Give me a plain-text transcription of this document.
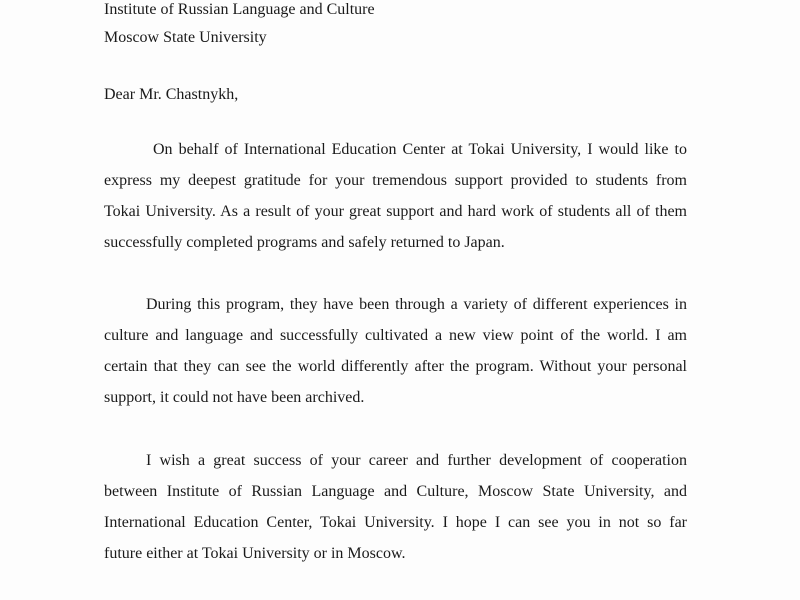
Institute of Russian Language and Culture
Moscow State University
Dear Mr. Chastnykh,
On behalf of International Education Center at Tokai University, I would like to
express my deepest gratitude for your tremendous support provided to students from
Tokai University. As a result of your great support and hard work of students all of them
successfully completed programs and safely returned to Japan.
During this program, they have been through a variety of different experiences in
culture and language and successfully cultivated a new view point of the world. I am
certain that they can see the world differently after the program. Without your personal
support, it could not have been archived.
I wish a great success of your career and further development of cooperation
between Institute of Russian Language and Culture, Moscow State University, and
International Education Center, Tokai University. I hope I can see you in not so far
future either at Tokai University or in Moscow.
